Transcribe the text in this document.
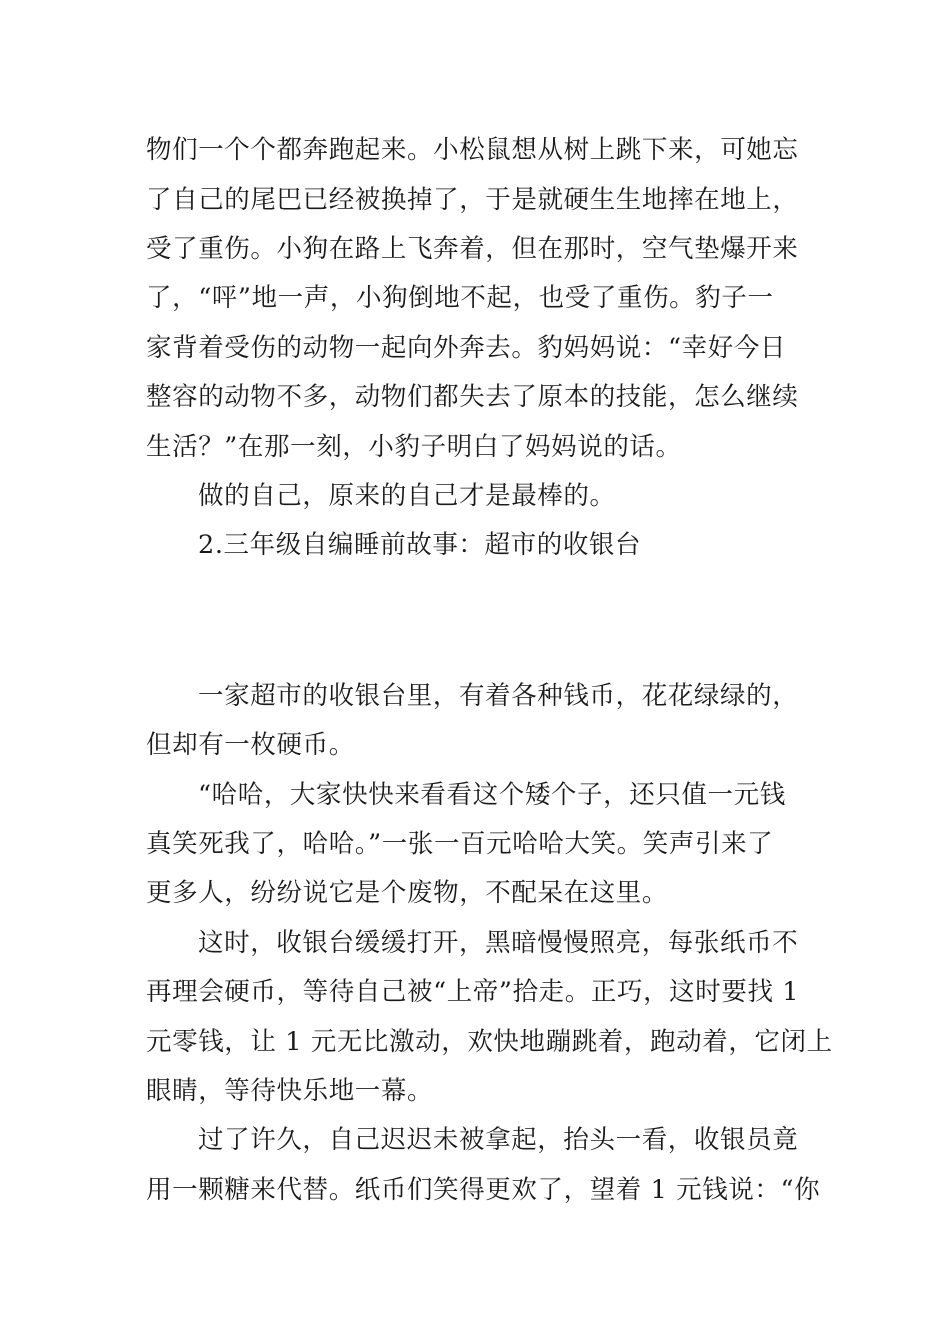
物们一个个都奔跑起来。小松鼠想从树上跳下来，可她忘

了自己的尾巴已经被换掉了，于是就硬生生地摔在地上，

受了重伤。小狗在路上飞奔着，但在那时，空气垫爆开来

了，“呯”地一声，小狗倒地不起，也受了重伤。豹子一

家背着受伤的动物一起向外奔去。豹妈妈说：“幸好今日

整容的动物不多，动物们都失去了原本的技能，怎么继续

生活？”在那一刻，小豹子明白了妈妈说的话。

做的自己，原来的自己才是最棒的。

2.三年级自编睡前故事：超市的收银台

一家超市的收银台里，有着各种钱币，花花绿绿的，

但却有一枚硬币。

“哈哈，大家快快来看看这个矮个子，还只值一元钱

真笑死我了，哈哈。”一张一百元哈哈大笑。笑声引来了

更多人，纷纷说它是个废物，不配呆在这里。

这时，收银台缓缓打开，黑暗慢慢照亮，每张纸币不

再理会硬币，等待自己被“上帝”拾走。正巧，这时要找 1

元零钱，让 1 元无比激动，欢快地蹦跳着，跑动着，它闭上

眼睛，等待快乐地一幕。

过了许久，自己迟迟未被拿起，抬头一看，收银员竟

用一颗糖来代替。纸币们笑得更欢了，望着 1 元钱说：“你
